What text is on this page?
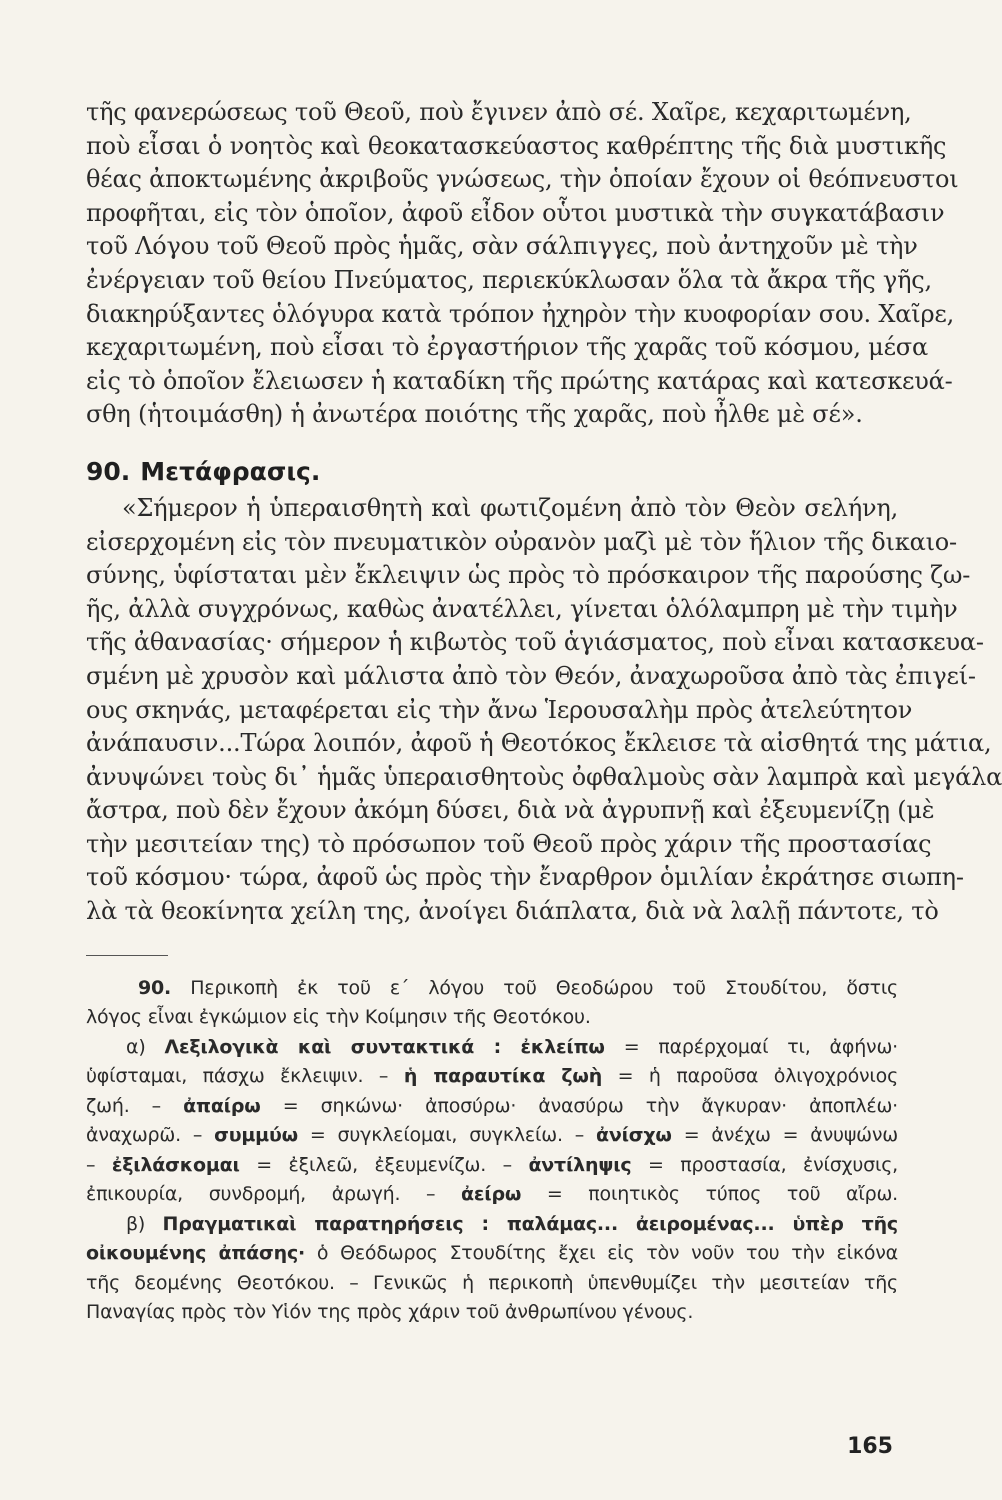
τῆς φανερώσεως τοῦ Θεοῦ, ποὺ ἔγινεν ἀπὸ σέ. Χαῖρε, κεχαριτωμένη,
ποὺ εἶσαι ὁ νοητὸς καὶ θεοκατασκεύαστος καθρέπτης τῆς διὰ μυστικῆς
θέας ἀποκτωμένης ἀκριβοῦς γνώσεως, τὴν ὁποίαν ἔχουν οἱ θεόπνευστοι
προφῆται, εἰς τὸν ὁποῖον, ἀφοῦ εἶδον οὗτοι μυστικὰ τὴν συγκατάβασιν
τοῦ Λόγου τοῦ Θεοῦ πρὸς ἡμᾶς, σὰν σάλπιγγες, ποὺ ἀντηχοῦν μὲ τὴν
ἐνέργειαν τοῦ θείου Πνεύματος, περιεκύκλωσαν ὅλα τὰ ἄκρα τῆς γῆς,
διακηρύξαντες ὁλόγυρα κατὰ τρόπον ἠχηρὸν τὴν κυοφορίαν σου. Χαῖρε,
κεχαριτωμένη, ποὺ εἶσαι τὸ ἐργαστήριον τῆς χαρᾶς τοῦ κόσμου, μέσα
εἰς τὸ ὁποῖον ἔλειωσεν ἡ καταδίκη τῆς πρώτης κατάρας καὶ κατεσκευά-
σθη (ἡτοιμάσθη) ἡ ἀνωτέρα ποιότης τῆς χαρᾶς, ποὺ ἦλθε μὲ σέ».
90. Μετάφρασις.
«Σήμερον ἡ ὑπεραισθητὴ καὶ φωτιζομένη ἀπὸ τὸν Θεὸν σελήνη,
εἰσερχομένη εἰς τὸν πνευματικὸν οὐρανὸν μαζὶ μὲ τὸν ἥλιον τῆς δικαιο-
σύνης, ὑφίσταται μὲν ἔκλειψιν ὡς πρὸς τὸ πρόσκαιρον τῆς παρούσης ζω-
ῆς, ἀλλὰ συγχρόνως, καθὼς ἀνατέλλει, γίνεται ὁλόλαμπρη μὲ τὴν τιμὴν
τῆς ἀθανασίας· σήμερον ἡ κιβωτὸς τοῦ ἁγιάσματος, ποὺ εἶναι κατασκευα-
σμένη μὲ χρυσὸν καὶ μάλιστα ἀπὸ τὸν Θεόν, ἀναχωροῦσα ἀπὸ τὰς ἐπιγεί-
ους σκηνάς, μεταφέρεται εἰς τὴν ἄνω Ἱερουσαλὴμ πρὸς ἀτελεύτητον
ἀνάπαυσιν...Τώρα λοιπόν, ἀφοῦ ἡ Θεοτόκος ἔκλεισε τὰ αἰσθητά της μάτια,
ἀνυψώνει τοὺς δι᾿ ἡμᾶς ὑπεραισθητοὺς ὀφθαλμοὺς σὰν λαμπρὰ καὶ μεγάλα
ἄστρα, ποὺ δὲν ἔχουν ἀκόμη δύσει, διὰ νὰ ἀγρυπνῇ καὶ ἐξευμενίζῃ (μὲ
τὴν μεσιτείαν της) τὸ πρόσωπον τοῦ Θεοῦ πρὸς χάριν τῆς προστασίας
τοῦ κόσμου· τώρα, ἀφοῦ ὡς πρὸς τὴν ἔναρθρον ὁμιλίαν ἐκράτησε σιωπη-
λὰ τὰ θεοκίνητα χείλη της, ἀνοίγει διάπλατα, διὰ νὰ λαλῇ πάντοτε, τὸ
90. Περικοπὴ ἐκ τοῦ ε΄ λόγου τοῦ Θεοδώρου τοῦ Στουδίτου, ὅστις
λόγος εἶναι ἐγκώμιον εἰς τὴν Κοίμησιν τῆς Θεοτόκου.
α) Λεξιλογικὰ καὶ συντακτικά : ἐκλείπω = παρέρχομαί τι, ἀφήνω·
ὑφίσταμαι, πάσχω ἔκλειψιν. – ἡ παραυτίκα ζωὴ = ἡ παροῦσα ὀλιγοχρόνιος
ζωή. – ἀπαίρω = σηκώνω· ἀποσύρω· ἀνασύρω τὴν ἄγκυραν· ἀποπλέω·
ἀναχωρῶ. – συμμύω = συγκλείομαι, συγκλείω. – ἀνίσχω = ἀνέχω = ἀνυψώνω
– ἐξιλάσκομαι = ἐξιλεῶ, ἐξευμενίζω. – ἀντίληψις = προστασία, ἐνίσχυσις,
ἐπικουρία, συνδρομή, ἀρωγή. – ἀείρω = ποιητικὸς τύπος τοῦ αἴρω.
β) Πραγματικαὶ παρατηρήσεις : παλάμας... ἀειρομένας... ὑπὲρ τῆς
οἰκουμένης ἀπάσης· ὁ Θεόδωρος Στουδίτης ἔχει εἰς τὸν νοῦν του τὴν εἰκόνα
τῆς δεομένης Θεοτόκου. – Γενικῶς ἡ περικοπὴ ὑπενθυμίζει τὴν μεσιτείαν τῆς
Παναγίας πρὸς τὸν Υἱόν της πρὸς χάριν τοῦ ἀνθρωπίνου γένους.
165
